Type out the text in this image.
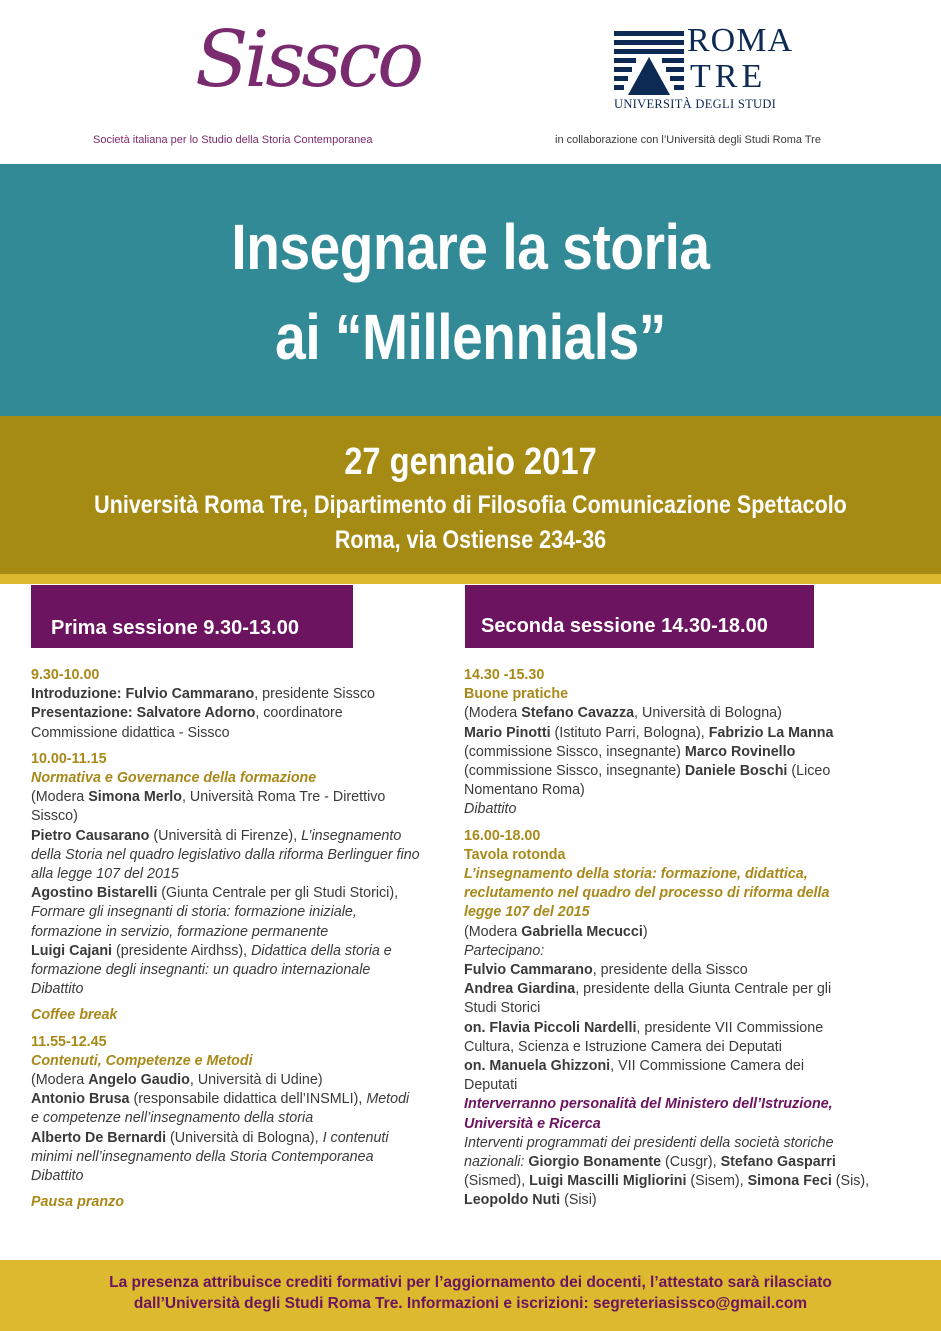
Sissco
Società italiana per lo Studio della Storia Contemporanea
ROMA
TRE
UNIVERSITÀ DEGLI STUDI
in collaborazione con l’Università degli Studi Roma Tre
Insegnare la storia
ai “Millennials”
27 gennaio 2017
Università Roma Tre, Dipartimento di Filosofia Comunicazione Spettacolo
Roma, via Ostiense 234-36
Prima sessione 9.30-13.00	Seconda sessione 14.30-18.00
9.30-10.00
Introduzione: Fulvio Cammarano, presidente Sissco
Presentazione: Salvatore Adorno, coordinatore
Commissione didattica - Sissco
10.00-11.15
Normativa e Governance della formazione
(Modera Simona Merlo, Università Roma Tre - Direttivo
Sissco)
Pietro Causarano (Università di Firenze), L’insegnamento
della Storia nel quadro legislativo dalla riforma Berlinguer fino
alla legge 107 del 2015
Agostino Bistarelli (Giunta Centrale per gli Studi Storici),
Formare gli insegnanti di storia: formazione iniziale,
formazione in servizio, formazione permanente
Luigi Cajani (presidente Airdhss), Didattica della storia e
formazione degli insegnanti: un quadro internazionale
Dibattito
Coffee break
11.55-12.45
Contenuti, Competenze e Metodi
(Modera Angelo Gaudio, Università di Udine)
Antonio Brusa (responsabile didattica dell’INSMLI), Metodi
e competenze nell’insegnamento della storia
Alberto De Bernardi (Università di Bologna), I contenuti
minimi nell’insegnamento della Storia Contemporanea
Dibattito
Pausa pranzo
14.30 -15.30
Buone pratiche
(Modera Stefano Cavazza, Università di Bologna)
Mario Pinotti (Istituto Parri, Bologna), Fabrizio La Manna
(commissione Sissco, insegnante) Marco Rovinello
(commissione Sissco, insegnante) Daniele Boschi (Liceo
Nomentano Roma)
Dibattito
16.00-18.00
Tavola rotonda
L’insegnamento della storia: formazione, didattica,
reclutamento nel quadro del processo di riforma della
legge 107 del 2015
(Modera Gabriella Mecucci)
Partecipano:
Fulvio Cammarano, presidente della Sissco
Andrea Giardina, presidente della Giunta Centrale per gli
Studi Storici
on. Flavia Piccoli Nardelli, presidente VII Commissione
Cultura, Scienza e Istruzione Camera dei Deputati
on. Manuela Ghizzoni, VII Commissione Camera dei
Deputati
Interverranno personalità del Ministero dell’Istruzione,
Università e Ricerca
Interventi programmati dei presidenti della società storiche
nazionali: Giorgio Bonamente (Cusgr), Stefano Gasparri
(Sismed), Luigi Mascilli Migliorini (Sisem), Simona Feci (Sis),
Leopoldo Nuti (Sisi)
La presenza attribuisce crediti formativi per l’aggiornamento dei docenti, l’attestato sarà rilasciato
dall’Università degli Studi Roma Tre. Informazioni e iscrizioni: segreteriasissco@gmail.com
